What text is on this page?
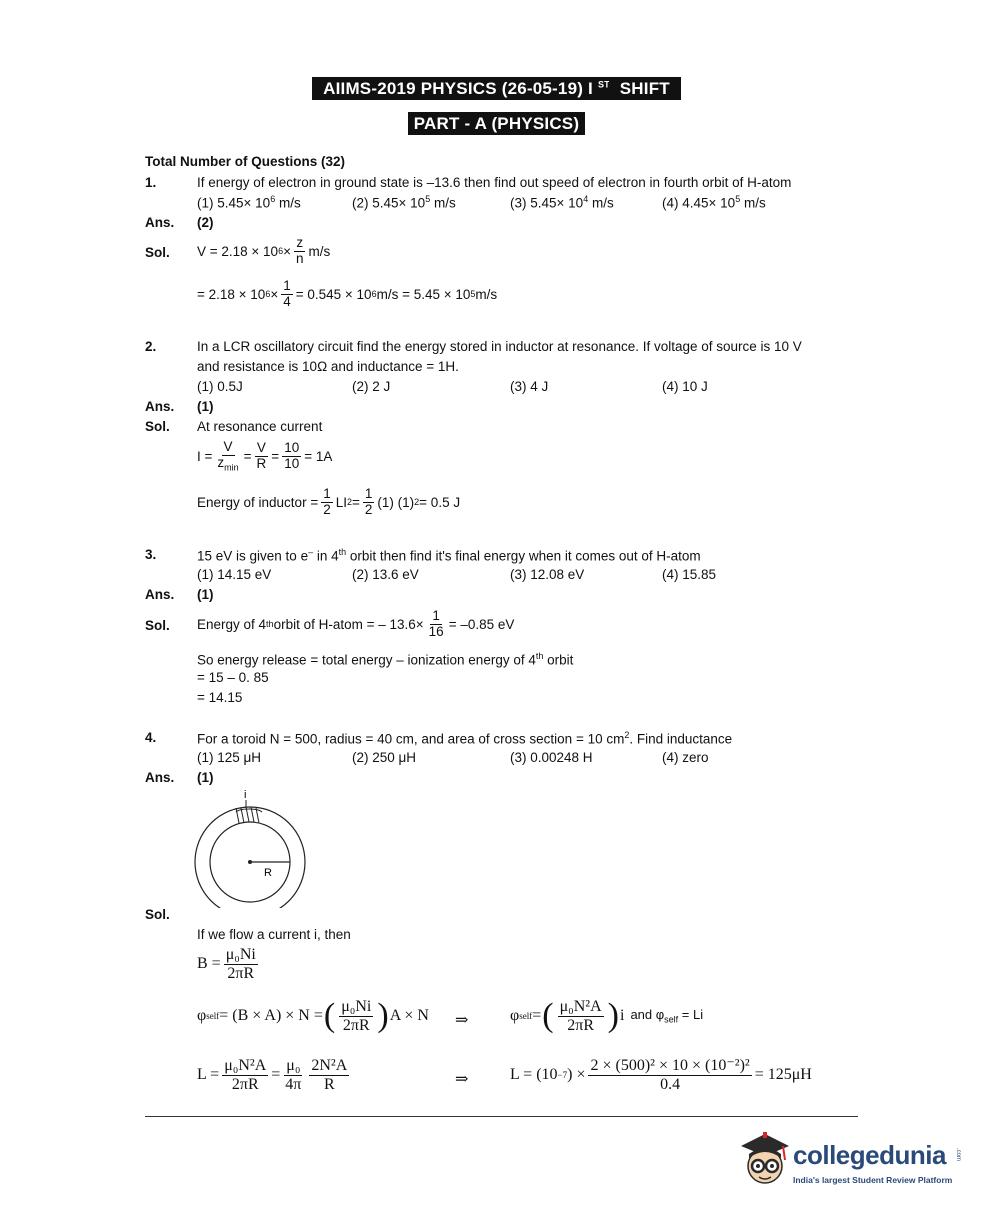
AIIMS-2019 PHYSICS (26-05-19) I $^{ST}$ SHIFT
PART - A (PHYSICS)
Total Number of Questions (32)
1.	If energy of electron in ground state is –13.6 then find out speed of electron in fourth orbit of H-atom
(1) $5.45\times 10^6$ m/s	(2) $5.45\times 10^5$ m/s	(3) $5.45\times 10^4$ m/s	(4) $4.45\times 10^5$ m/s
Ans. (2)
Sol. V = 2.18 × 10 $6 \times \frac{z}{n} m/s$
= 2.18 × 10 $6 \times \frac{1}{4} = 0.545 \times 10$ 6 m/s = 5.45 × 10 5 m/s
2.	In a LCR oscillatory circuit find the energy stored in inductor at resonance. If voltage of source is 10 V
and resistance is 10Ω and inductance = 1H.
(1) 0.5J	(2) 2 J	(3) 4 J	(4) 10 J
Ans. (1)
Sol. At resonance current
$I = \frac{V}{z_{min}} = \frac{V}{R} = \frac{10}{10} = 1A$
Energy of inductor = $\frac{1}{2}$ LI $2 = \frac{1}{2} (1)$ (1) 2 = 0.5 J
3.	15 eV is given to e– in 4th orbit then find it's final energy when it comes out of H-atom
(1) 14.15 eV	(2) 13.6 eV	(3) 12.08 eV	(4) 15.85
Ans. (1)
Sol. Energy of 4 th orbit of H-atom = – $13.6\times \frac{1}{16} = -0.85$ eV
So energy release = total energy – ionization energy of 4th orbit
= 15 – 0. 85
= 14.15
4.	For a toroid N = 500, radius = 40 cm, and area of cross section = 10 $cm^2$. Find inductance
(1) 125 μH	(2) 250 μH	(3) 0.00248 H	(4) zero
Ans. (1)
i
R
Sol.
If we flow a current i, then
$B = \frac{\text{μ₀Ni}}{2\pi R}$
φ self = (B × A) × N = ( $\frac{\text{μ₀Ni}}{2\pi R}$ ) A × N ⇒	φ self = ( $\frac{\text{μ₀N²A}}{2\pi R}$ ) i and $\varphi_{self} = Li$
$L = \frac{\text{μ₀N²A}}{2\pi R} = \frac{\text{μ₀}}{4\pi} \frac{\text{2N²A}}{R}$	⇒	L = (10 −7 ) × $\frac{\text{2 × (500)² × 10 × (10⁻²)²}}{0.4} = 125\mu H$
collegedunia .com
India's largest Student Review Platform
